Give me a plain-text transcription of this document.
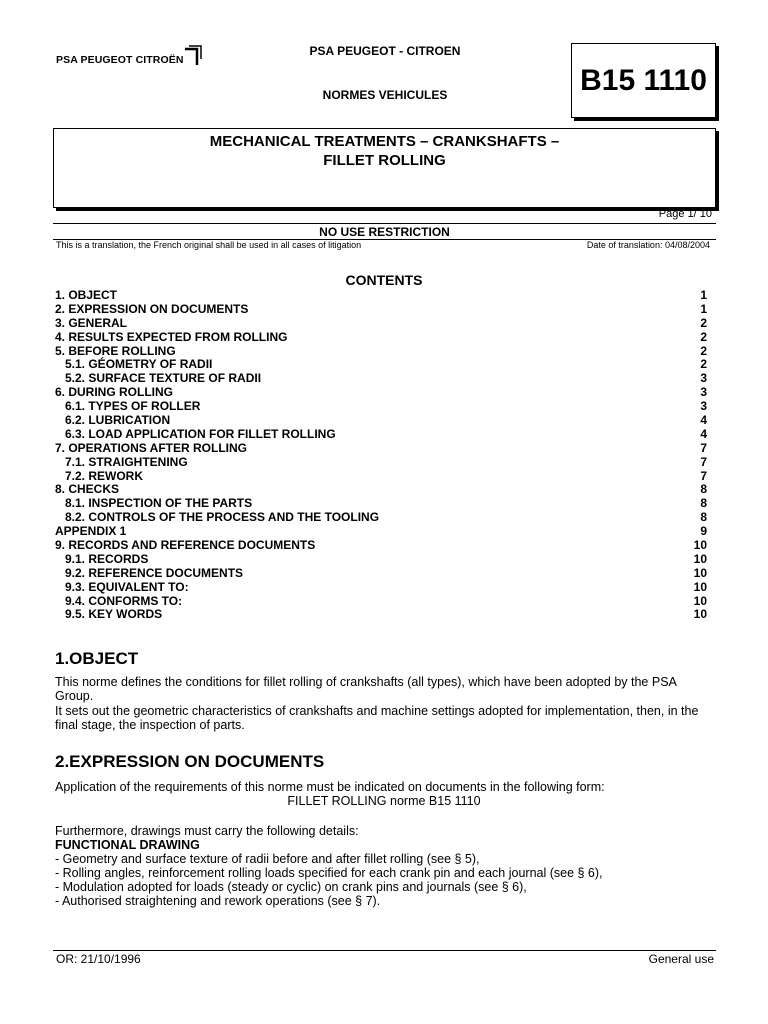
PSA PEUGEOT CITROËN
PSA PEUGEOT - CITROEN
NORMES VEHICULES	B15 1110
MECHANICAL TREATMENTS – CRANKSHAFTS –
FILLET ROLLING
Page 1/ 10
NO USE RESTRICTION
This is a translation, the French original shall be used in all cases of litigation	Date of translation: 04/08/2004
CONTENTS
1. OBJECT	1
2. EXPRESSION ON DOCUMENTS	1
3. GENERAL	2
4. RESULTS EXPECTED FROM ROLLING	2
5. BEFORE ROLLING	2
5.1. GÉOMETRY OF RADII	2
5.2. SURFACE TEXTURE OF RADII	3
6. DURING ROLLING	3
6.1. TYPES OF ROLLER	3
6.2. LUBRICATION	4
6.3. LOAD APPLICATION FOR FILLET ROLLING	4
7. OPERATIONS AFTER ROLLING	7
7.1. STRAIGHTENING	7
7.2. REWORK	7
8. CHECKS	8
8.1. INSPECTION OF THE PARTS	8
8.2. CONTROLS OF THE PROCESS AND THE TOOLING	8
APPENDIX 1	9
9. RECORDS AND REFERENCE DOCUMENTS	10
9.1. RECORDS	10
9.2. REFERENCE DOCUMENTS	10
9.3. EQUIVALENT TO:	10
9.4. CONFORMS TO:	10
9.5. KEY WORDS	10
1.OBJECT
This norme defines the conditions for fillet rolling of crankshafts (all types), which have been adopted by the PSA Group.
It sets out the geometric characteristics of crankshafts and machine settings adopted for implementation, then, in the final stage, the inspection of parts.
2.EXPRESSION ON DOCUMENTS
Application of the requirements of this norme must be indicated on documents in the following form:
FILLET ROLLING norme B15 1110
Furthermore, drawings must carry the following details:
FUNCTIONAL DRAWING
- Geometry and surface texture of radii before and after fillet rolling (see § 5),
- Rolling angles, reinforcement rolling loads specified for each crank pin and each journal (see § 6),
- Modulation adopted for loads (steady or cyclic) on crank pins and journals (see § 6),
- Authorised straightening and rework operations (see § 7).
OR: 21/10/1996	General use
